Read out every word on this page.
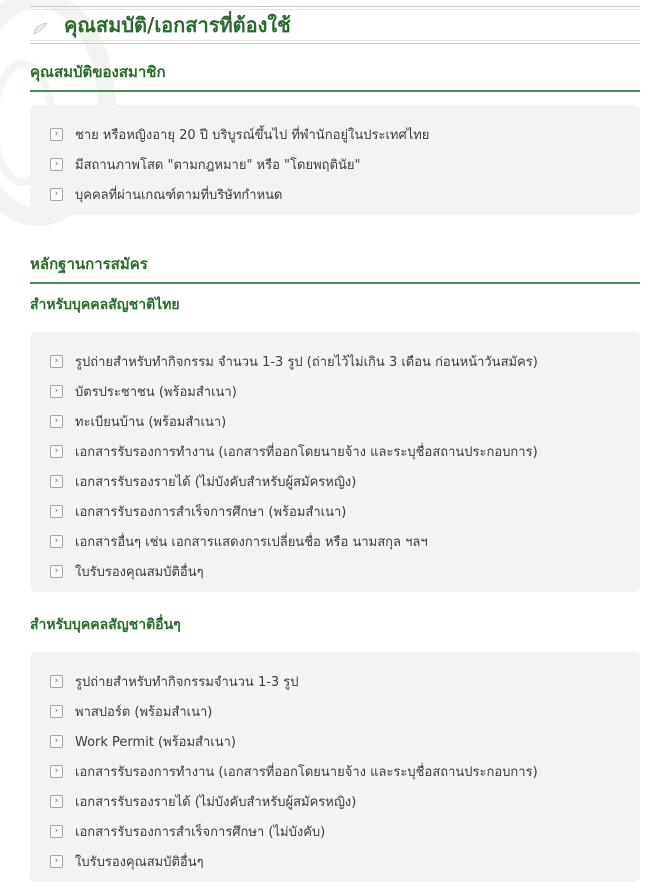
คุณสมบัติ/เอกสารที่ต้องใช้
คุณสมบัติของสมาชิก
›	ชาย หรือหญิงอายุ 20 ปี บริบูรณ์ขึ้นไป ที่พำนักอยู่ในประเทศไทย
›	มีสถานภาพโสด "ตามกฎหมาย" หรือ "โดยพฤตินัย"
›	บุคคลที่ผ่านเกณฑ์ตามที่บริษัทกำหนด
หลักฐานการสมัคร
สำหรับบุคคลสัญชาติไทย
›	รูปถ่ายสำหรับทำกิจกรรม จำนวน 1-3 รูป (ถ่ายไว้ไม่เกิน 3 เดือน ก่อนหน้าวันสมัคร)
›	บัตรประชาชน (พร้อมสำเนา)
›	ทะเบียนบ้าน (พร้อมสำเนา)
›	เอกสารรับรองการทำงาน (เอกสารที่ออกโดยนายจ้าง และระบุชื่อสถานประกอบการ)
›	เอกสารรับรองรายได้ (ไม่บังคับสำหรับผู้สมัครหญิง)
›	เอกสารรับรองการสำเร็จการศึกษา (พร้อมสำเนา)
›	เอกสารอื่นๆ เช่น เอกสารแสดงการเปลี่ยนชื่อ หรือ นามสกุล ฯลฯ
›	ใบรับรองคุณสมบัติอื่นๆ
สำหรับบุคคลสัญชาติอื่นๆ
›	รูปถ่ายสำหรับทำกิจกรรมจำนวน 1-3 รูป
›	พาสปอร์ต (พร้อมสำเนา)
›	Work Permit (พร้อมสำเนา)
›	เอกสารรับรองการทำงาน (เอกสารที่ออกโดยนายจ้าง และระบุชื่อสถานประกอบการ)
›	เอกสารรับรองรายได้ (ไม่บังคับสำหรับผู้สมัครหญิง)
›	เอกสารรับรองการสำเร็จการศึกษา (ไม่บังคับ)
›	ใบรับรองคุณสมบัติอื่นๆ
